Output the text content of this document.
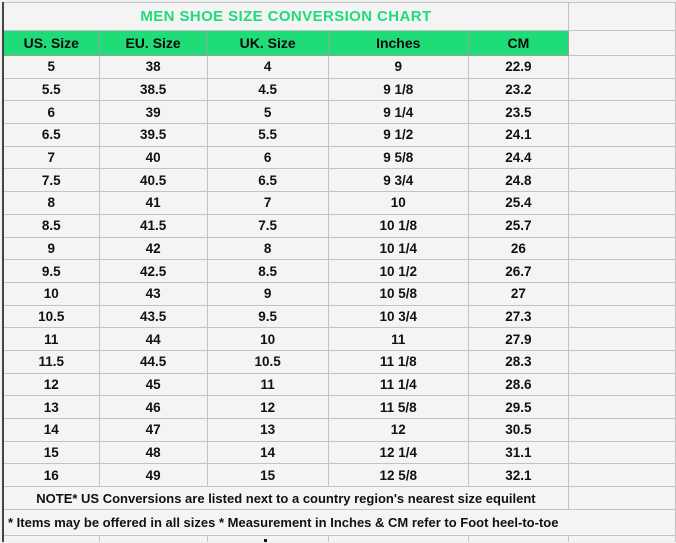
MEN SHOE SIZE CONVERSION CHART					
US. Size	EU. Size	UK. Size	Inches	CM	
5	38	4	9	22.9	
5.5	38.5	4.5	9 1/8	23.2	
6	39	5	9 1/4	23.5	
6.5	39.5	5.5	9 1/2	24.1	
7	40	6	9 5/8	24.4	
7.5	40.5	6.5	9 3/4	24.8	
8	41	7	10	25.4	
8.5	41.5	7.5	10 1/8	25.7	
9	42	8	10 1/4	26	
9.5	42.5	8.5	10 1/2	26.7	
10	43	9	10 5/8	27	
10.5	43.5	9.5	10 3/4	27.3	
11	44	10	11	27.9	
11.5	44.5	10.5	11 1/8	28.3	
12	45	11	11 1/4	28.6	
13	46	12	11 5/8	29.5	
14	47	13	12	30.5	
15	48	14	12 1/4	31.1	
16	49	15	12 5/8	32.1	
NOTE* US Conversions are listed next to a country region's nearest size equilent					
* Items may be offered in all sizes * Measurement in Inches & CM refer to Foot heel-to-toe					
